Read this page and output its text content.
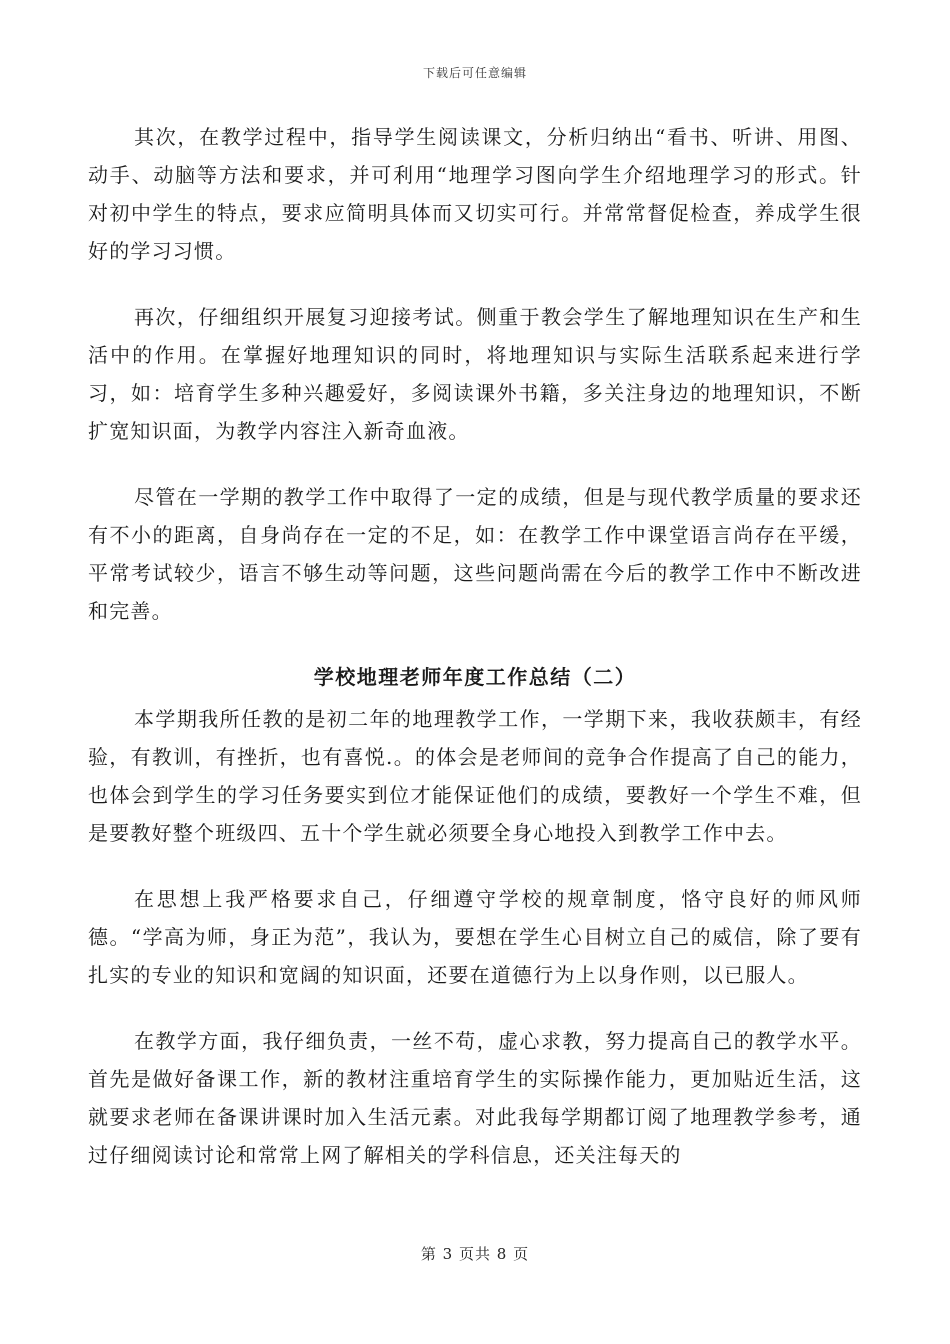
下载后可任意编辑

其次，在教学过程中，指导学生阅读课文，分析归纳出“看书、听讲、用图、动手、动脑等方法和要求，并可利用“地理学习图向学生介绍地理学习的形式。针对初中学生的特点，要求应简明具体而又切实可行。并常常督促检查，养成学生很好的学习习惯。

再次，仔细组织开展复习迎接考试。侧重于教会学生了解地理知识在生产和生活中的作用。在掌握好地理知识的同时，将地理知识与实际生活联系起来进行学习，如：培育学生多种兴趣爱好，多阅读课外书籍，多关注身边的地理知识，不断扩宽知识面，为教学内容注入新奇血液。

尽管在一学期的教学工作中取得了一定的成绩，但是与现代教学质量的要求还有不小的距离，自身尚存在一定的不足，如：在教学工作中课堂语言尚存在平缓，平常考试较少，语言不够生动等问题，这些问题尚需在今后的教学工作中不断改进和完善。

学校地理老师年度工作总结（二）

本学期我所任教的是初二年的地理教学工作，一学期下来，我收获颇丰，有经验，有教训，有挫折，也有喜悦.。的体会是老师间的竞争合作提高了自己的能力，也体会到学生的学习任务要实到位才能保证他们的成绩，要教好一个学生不难，但是要教好整个班级四、五十个学生就必须要全身心地投入到教学工作中去。

在思想上我严格要求自己，仔细遵守学校的规章制度，恪守良好的师风师德。“学高为师，身正为范”，我认为，要想在学生心目树立自己的威信，除了要有扎实的专业的知识和宽阔的知识面，还要在道德行为上以身作则，以已服人。

在教学方面，我仔细负责，一丝不苟，虚心求教，努力提高自己的教学水平。首先是做好备课工作，新的教材注重培育学生的实际操作能力，更加贴近生活，这就要求老师在备课讲课时加入生活元素。对此我每学期都订阅了地理教学参考，通过仔细阅读讨论和常常上网了解相关的学科信息，还关注每天的

第 3 页共 8 页
